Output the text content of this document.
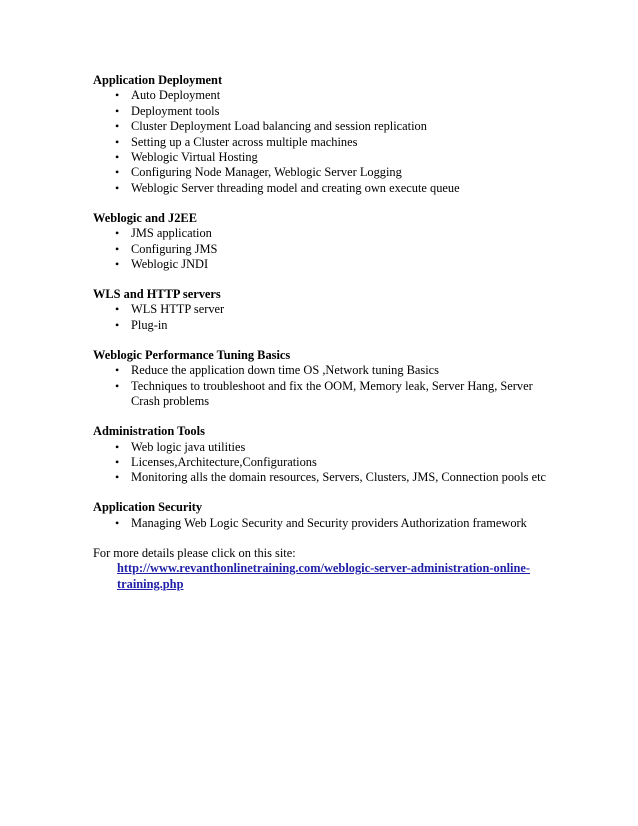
Application Deployment

• Auto Deployment
• Deployment tools
• Cluster Deployment Load balancing and session replication
• Setting up a Cluster across multiple machines
• Weblogic Virtual Hosting
• Configuring Node Manager, Weblogic Server Logging
• Weblogic Server threading model and creating own execute queue

Weblogic and J2EE

• JMS application
• Configuring JMS
• Weblogic JNDI

WLS and HTTP servers

• WLS HTTP server
• Plug-in

Weblogic Performance Tuning Basics

• Reduce the application down time OS ,Network tuning Basics
• Techniques to troubleshoot and fix the OOM, Memory leak, Server Hang, Server Crash problems

Administration Tools

• Web logic java utilities
• Licenses,Architecture,Configurations
• Monitoring alls the domain resources, Servers, Clusters, JMS, Connection pools etc

Application Security

• Managing Web Logic Security and Security providers Authorization framework

For more details please click on this site:

http://www.revanthonlinetraining.com/weblogic-server-administration-online-training.php
